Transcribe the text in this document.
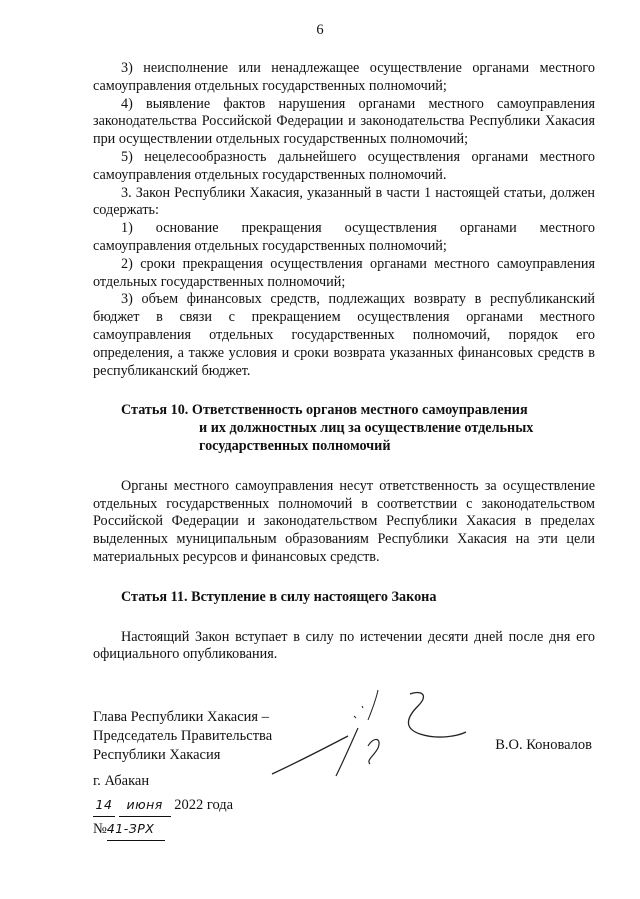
6

3) неисполнение или ненадлежащее осуществление органами местного самоуправления отдельных государственных полномочий;

4) выявление фактов нарушения органами местного самоуправления законодательства Российской Федерации и законодательства Республики Хакасия при осуществлении отдельных государственных полномочий;

5) нецелесообразность дальнейшего осуществления органами местного самоуправления отдельных государственных полномочий.

3. Закон Республики Хакасия, указанный в части 1 настоящей статьи, должен содержать:

1) основание прекращения осуществления органами местного самоуправления отдельных государственных полномочий;

2) сроки прекращения осуществления органами местного самоуправления отдельных государственных полномочий;

3) объем финансовых средств, подлежащих возврату в республиканский бюджет в связи с прекращением осуществления органами местного самоуправления отдельных государственных полномочий, порядок его определения, а также условия и сроки возврата указанных финансовых средств в республиканский бюджет.

Статья 10. Ответственность органов местного самоуправления
и их должностных лиц за осуществление отдельных
государственных полномочий

Органы местного самоуправления несут ответственность за осуществление отдельных государственных полномочий в соответствии с законодательством Российской Федерации и законодательством Республики Хакасия в пределах выделенных муниципальным образованиям Республики Хакасия на эти цели материальных ресурсов и финансовых средств.

Статья 11. Вступление в силу настоящего Закона

Настоящий Закон вступает в силу по истечении десяти дней после дня его официального опубликования.

Глава Республики Хакасия –
Председатель Правительства
Республики Хакасия
В.О. Коновалов
г. Абакан
14 июня 2022 года
№41-ЗРХ
